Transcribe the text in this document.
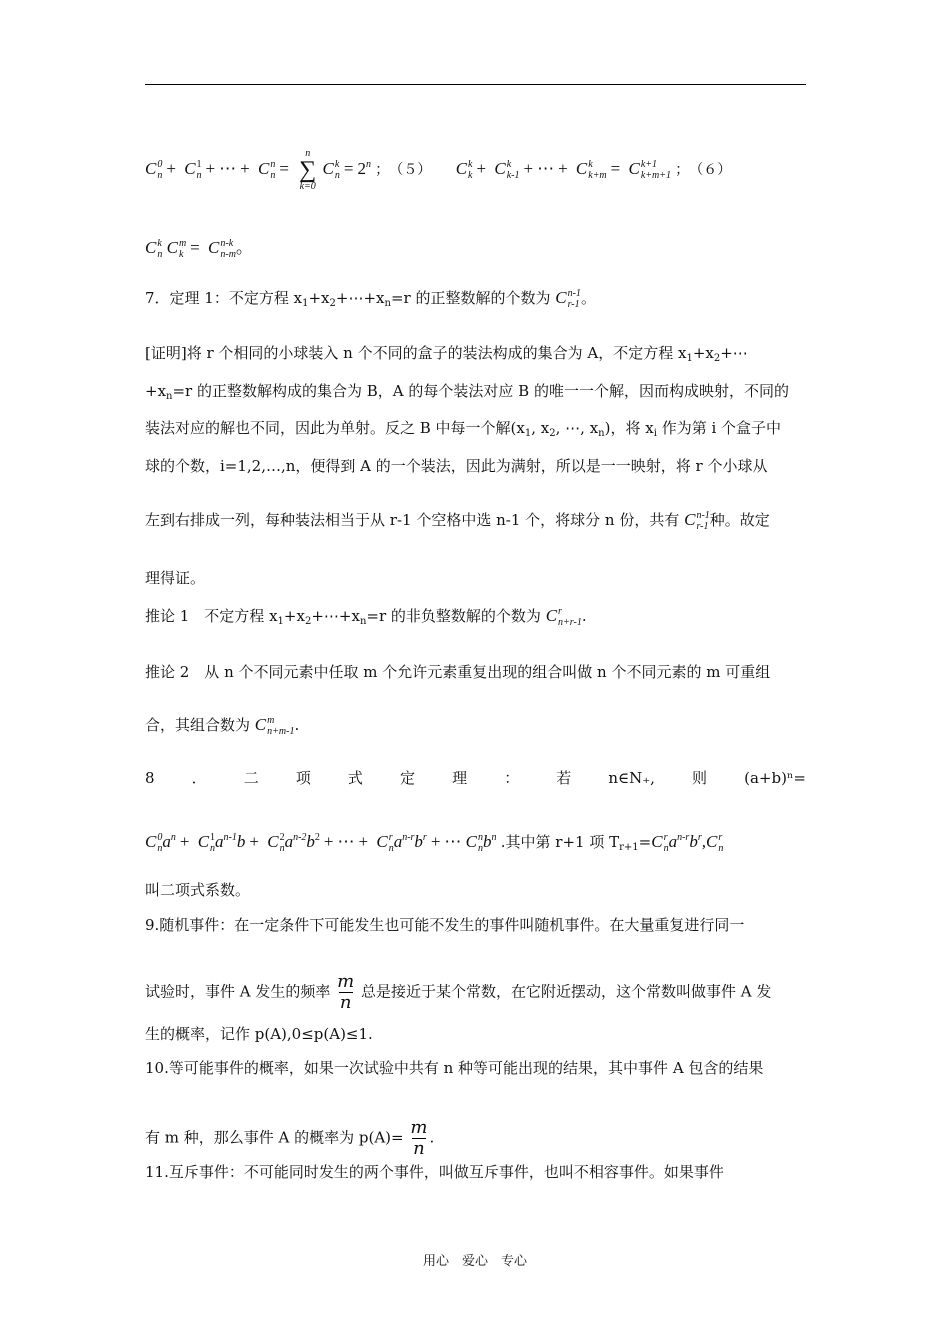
C 0
n + C 1
n + ⋯ + C n
n =
n
∑
k=0
C k
$n = 2^n$ ；　（５） C k
k + C k
k-1 + ⋯ + C k
k+m = C k+1
k+m+1 ；　（６）
C k
n C m
k = C n-k
n-m 。
7．定理 1：不定方程 $x_1+x_2+\cdots+x_n=r$ 的正整数解的个数为 C n-1
r-1 。
[证明]将 r 个相同的小球装入 n 个不同的盒子的装法构成的集合为 A，不定方程 $x_1+x_2+\cdots$
$+x_n=r$ 的正整数解构成的集合为 B，A 的每个装法对应 B 的唯一一个解，因而构成映射，不同的
装法对应的解也不同，因此为单射。反之 B 中每一个解($x_1$, $x_2$, ⋯, $x_n$)，将 $x_i$ 作为第 i 个盒子中
球的个数，i=1,2,…,n，便得到 A 的一个装法，因此为满射，所以是一一映射，将 r 个小球从
左到右排成一列，每种装法相当于从 r-1 个空格中选 n-1 个，将球分 n 份，共有 C n-1
r-1 种。故定
理得证。
推论 1　不定方程 $x_1+x_2+\cdots+x_n=r$ 的非负整数解的个数为 C r
n+r-1 .
推论 2　从 n 个不同元素中任取 m 个允许元素重复出现的组合叫做 n 个不同元素的 m 可重组
合，其组合数为 C m
n+m-1 .
8 ． 二 项 式 定 理 ： 若 n∈N₊, 则 (a+b)ⁿ=
C 0
n $a^n + C$ 1
n $a^{n-1}b + C$ 2
n $a^{n-2}b^2$ + ⋯ + C r
n $a^{n-r}b^r$ + ⋯ C n
n $b^n$ .其中第 r+1 项 $T_{r+1}=C$ r
n $a^{n-r}b^r,C$ r
n
叫二项式系数。
9.随机事件：在一定条件下可能发生也可能不发生的事件叫随机事件。在大量重复进行同一
试验时，事件 A 发生的频率 $\frac{m}{n}$ 总是接近于某个常数，在它附近摆动，这个常数叫做事件 A 发
生的概率，记作 p(A),0≤p(A)≤1.
10.等可能事件的概率，如果一次试验中共有 n 种等可能出现的结果，其中事件 A 包含的结果
有 m 种，那么事件 A 的概率为 $p(A)= \frac{m}{n}$ .
11.互斥事件：不可能同时发生的两个事件，叫做互斥事件，也叫不相容事件。如果事件
用心　爱心　专心
